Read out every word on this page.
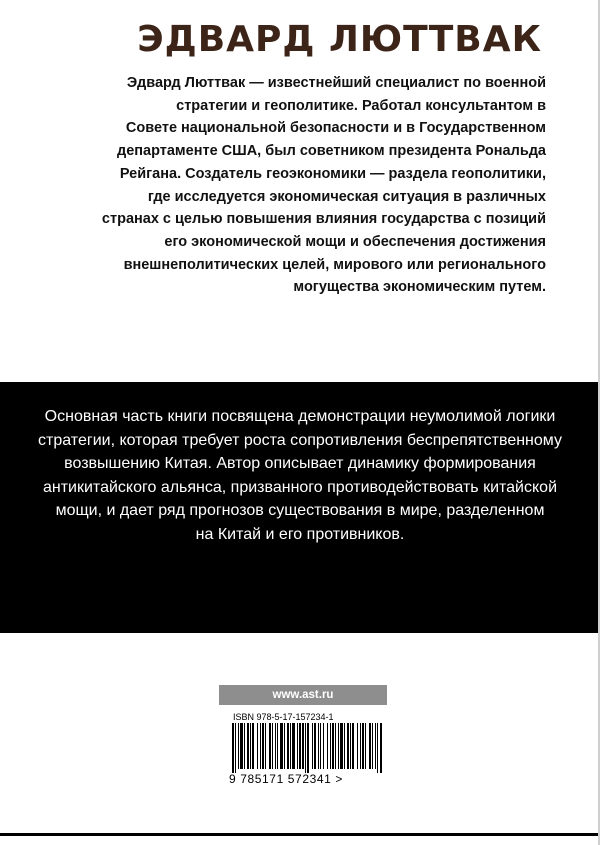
ЭДВАРД ЛЮТТВАК
Эдвард Люттвак — известнейший специалист по военной
стратегии и геополитике. Работал консультантом в
Совете национальной безопасности и в Государственном
департаменте США, был советником президента Рональда
Рейгана. Создатель геоэкономики — раздела геополитики,
где исследуется экономическая ситуация в различных
странах с целью повышения влияния государства с позиций
его экономической мощи и обеспечения достижения
внешнеполитических целей, мирового или регионального
могущества экономическим путем.
Основная часть книги посвящена демонстрации неумолимой логики
стратегии, которая требует роста сопротивления беспрепятственному
возвышению Китая. Автор описывает динамику формирования
антикитайского альянса, призванного противодействовать китайской
мощи, и дает ряд прогнозов существования в мире, разделенном
на Китай и его противников.
www.ast.ru
ISBN 978-5-17-157234-1
9 785171 572341 >
